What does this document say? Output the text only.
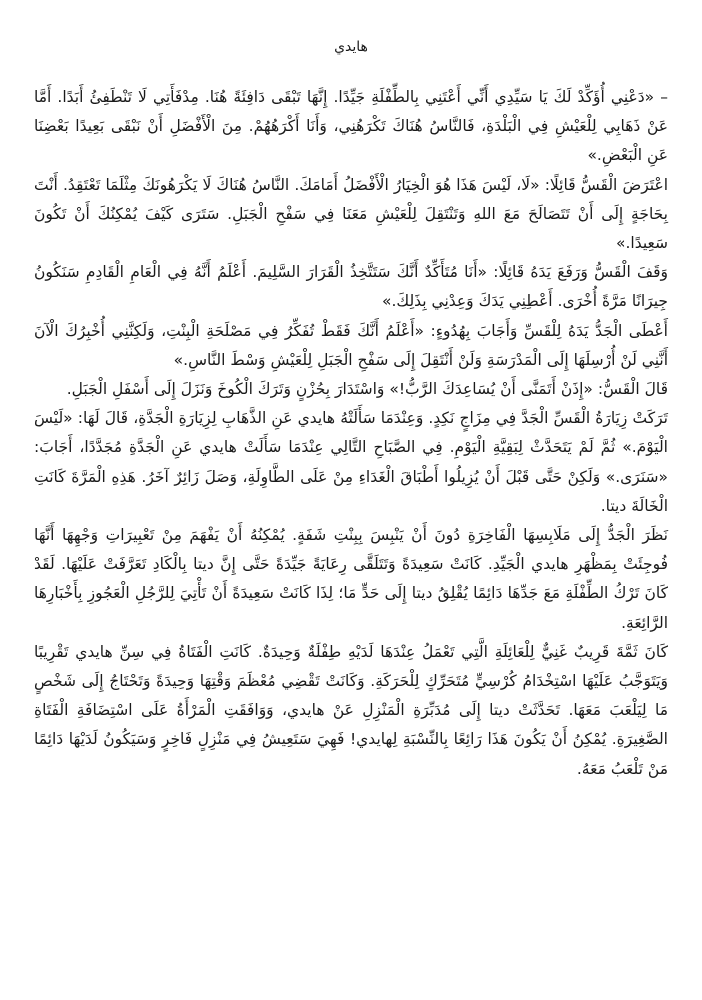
هايدي

– «دَعْنِي أُؤَكِّدْ لَكَ يَا سَيِّدِي أَنِّي أَعْتَنِي بِالطِّفْلَةِ جَيِّدًا. إِنَّهَا تَبْقَى دَافِئَةً هُنَا. مِدْفَأَتِي لَا تَنْطَفِئُ أَبَدًا. أَمَّا عَنْ ذَهَابِي لِلْعَيْشِ فِي الْبَلْدَةِ، فَالنَّاسُ هُنَاكَ تَكْرَهُنِي، وَأَنَا أَكْرَهُهُمْ. مِنَ الْأَفْضَلِ أَنْ نَبْقَى بَعِيدًا بَعْضِنَا عَنِ الْبَعْضِ.»

اعْتَرَضَ الْقَسُّ قَائِلًا: «لَا، لَيْسَ هَذَا هُوَ الْخِيَارُ الْأَفْضَلُ أَمَامَكَ. النَّاسُ هُنَاكَ لَا يَكْرَهُونَكَ مِثْلَمَا تَعْتَقِدُ. أَنْتَ بِحَاجَةٍ إِلَى أَنْ تَتَصَالَحَ مَعَ اللهِ وَتَنْتَقِلَ لِلْعَيْشِ مَعَنَا فِي سَفْحِ الْجَبَلِ. سَتَرَى كَيْفَ يُمْكِنُكَ أَنْ تَكُونَ سَعِيدًا.»

وَقَفَ الْقَسُّ وَرَفَعَ يَدَهُ قَائِلًا: «أَنَا مُتَأَكِّدٌ أَنَّكَ سَتَتَّخِذُ الْقَرَارَ السَّلِيمَ. أَعْلَمُ أَنَّهُ فِي الْعَامِ الْقَادِمِ سَنَكُونُ جِيرَانًا مَرَّةً أُخْرَى. أَعْطِنِي يَدَكَ وَعِدْنِي بِذَلِكَ.»

أَعْطَى الْجَدُّ يَدَهُ لِلْقَسِّ وَأَجَابَ بِهُدُوءٍ: «أَعْلَمُ أَنَّكَ فَقَطْ تُفَكِّرُ فِي مَصْلَحَةِ الْبِنْتِ، وَلَكِنَّنِي أُخْبِرُكَ الْآنَ أَنَّنِي لَنْ أُرْسِلَهَا إِلَى الْمَدْرَسَةِ وَلَنْ أَنْتَقِلَ إِلَى سَفْحِ الْجَبَلِ لِلْعَيْشِ وَسْطَ النَّاسِ.»

قَالَ الْقَسُّ: «إِذَنْ أَتَمَنَّى أَنْ يُسَاعِدَكَ الرَّبُّ!» وَاسْتَدَارَ بِحُزْنٍ وَتَرَكَ الْكُوخَ وَنَزَلَ إِلَى أَسْفَلِ الْجَبَلِ.

تَرَكَتْ زِيَارَةُ الْقَسِّ الْجَدَّ فِي مِزَاجٍ نَكِدٍ. وَعِنْدَمَا سَأَلَتْهُ هايدي عَنِ الذَّهَابِ لِزِيَارَةِ الْجَدَّةِ، قَالَ لَهَا: «لَيْسَ الْيَوْمَ.» ثُمَّ لَمْ يَتَحَدَّثْ لِبَقِيَّةِ الْيَوْمِ. فِي الصَّبَاحِ التَّالِي عِنْدَمَا سَأَلَتْ هايدي عَنِ الْجَدَّةِ مُجَدَّدًا، أَجَابَ: «سَنَرَى.» وَلَكِنْ حَتَّى قَبْلَ أَنْ يُزِيلُوا أَطْبَاقَ الْغَدَاءِ مِنْ عَلَى الطَّاوِلَةِ، وَصَلَ زَائِرٌ آخَرُ. هَذِهِ الْمَرَّةَ كَانَتِ الْخَالَةَ ديتا.

نَظَرَ الْجَدُّ إِلَى مَلَابِسِهَا الْفَاخِرَةِ دُونَ أَنْ يَنْبِسَ بِبِنْتِ شَفَةٍ. يُمْكِنُهُ أَنْ يَفْهَمَ مِنْ تَعْبِيرَاتِ وَجْهِهَا أَنَّهَا فُوجِئَتْ بِمَظْهَرِ هايدي الْجَيِّدِ. كَانَتْ سَعِيدَةً وَتَتَلَقَّى رِعَايَةً جَيِّدَةً حَتَّى إِنَّ ديتا بِالْكَادِ تَعَرَّفَتْ عَلَيْهَا. لَقَدْ كَانَ تَرْكُ الطِّفْلَةِ مَعَ جَدِّهَا دَائِمًا يُقْلِقُ ديتا إِلَى حَدٍّ مَا؛ لِذَا كَانَتْ سَعِيدَةً أَنْ تَأْتِيَ لِلرَّجُلِ الْعَجُوزِ بِأَخْبَارِهَا الرَّائِعَةِ.

كَانَ ثَمَّةَ قَرِيبٌ غَنِيٌّ لِلْعَائِلَةِ الَّتِي تَعْمَلُ عِنْدَهَا لَدَيْهِ طِفْلَةٌ وَحِيدَةٌ. كَانَتِ الْفَتَاةُ فِي سِنِّ هايدي تَقْرِيبًا وَيَتَوَجَّبُ عَلَيْهَا اسْتِخْدَامُ كُرْسِيٍّ مُتَحَرِّكٍ لِلْحَرَكَةِ. وَكَانَتْ تَقْضِي مُعْظَمَ وَقْتِهَا وَحِيدَةً وَتَحْتَاجُ إِلَى شَخْصٍ مَا لِيَلْعَبَ مَعَهَا. تَحَدَّثَتْ ديتا إِلَى مُدَبِّرَةِ الْمَنْزِلِ عَنْ هايدي، وَوَافَقَتِ الْمَرْأَةُ عَلَى اسْتِضَافَةِ الْفَتَاةِ الصَّغِيرَةِ. يُمْكِنُ أَنْ يَكُونَ هَذَا رَائِعًا بِالنِّسْبَةِ لِهايدي! فَهِيَ سَتَعِيشُ فِي مَنْزِلٍ فَاخِرٍ وَسَيَكُونُ لَدَيْهَا دَائِمًا مَنْ تَلْعَبُ مَعَهُ.
